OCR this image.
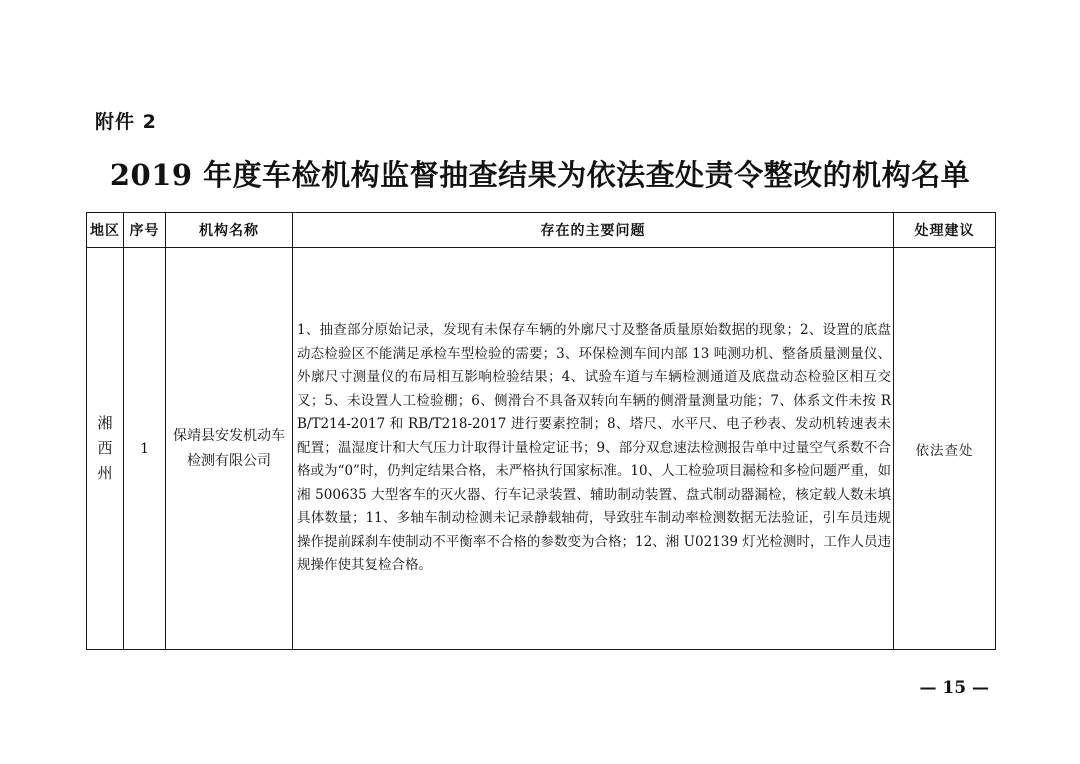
附件 2
2019 年度车检机构监督抽查结果为依法查处责令整改的机构名单
地区	序号	机构名称	存在的主要问题	处理建议
湘西州	1	保靖县安发机动车检测有限公司	1、抽查部分原始记录，发现有未保存车辆的外廓尺寸及整备质量原始数据的现象；2、设置的底盘动态检验区不能满足承检车型检验的需要；3、环保检测车间内部 13 吨测功机、整备质量测量仪、外廓尺寸测量仪的布局相互影响检验结果；4、试验车道与车辆检测通道及底盘动态检验区相互交叉；5、未设置人工检验棚；6、侧滑台不具备双转向车辆的侧滑量测量功能；7、体系文件未按 RB/T214-2017 和 RB/T218-2017 进行要素控制；8、塔尺、水平尺、电子秒表、发动机转速表未配置；温湿度计和大气压力计取得计量检定证书；9、部分双怠速法检测报告单中过量空气系数不合格或为“0”时，仍判定结果合格，未严格执行国家标准。10、人工检验项目漏检和多检问题严重，如湘 500635 大型客车的灭火器、行车记录装置、辅助制动装置、盘式制动器漏检，核定载人数未填具体数量；11、多轴车制动检测未记录静载轴荷，导致驻车制动率检测数据无法验证，引车员违规操作提前踩刹车使制动不平衡率不合格的参数变为合格；12、湘 U02139 灯光检测时，工作人员违规操作使其复检合格。	依法查处
— 15 —
